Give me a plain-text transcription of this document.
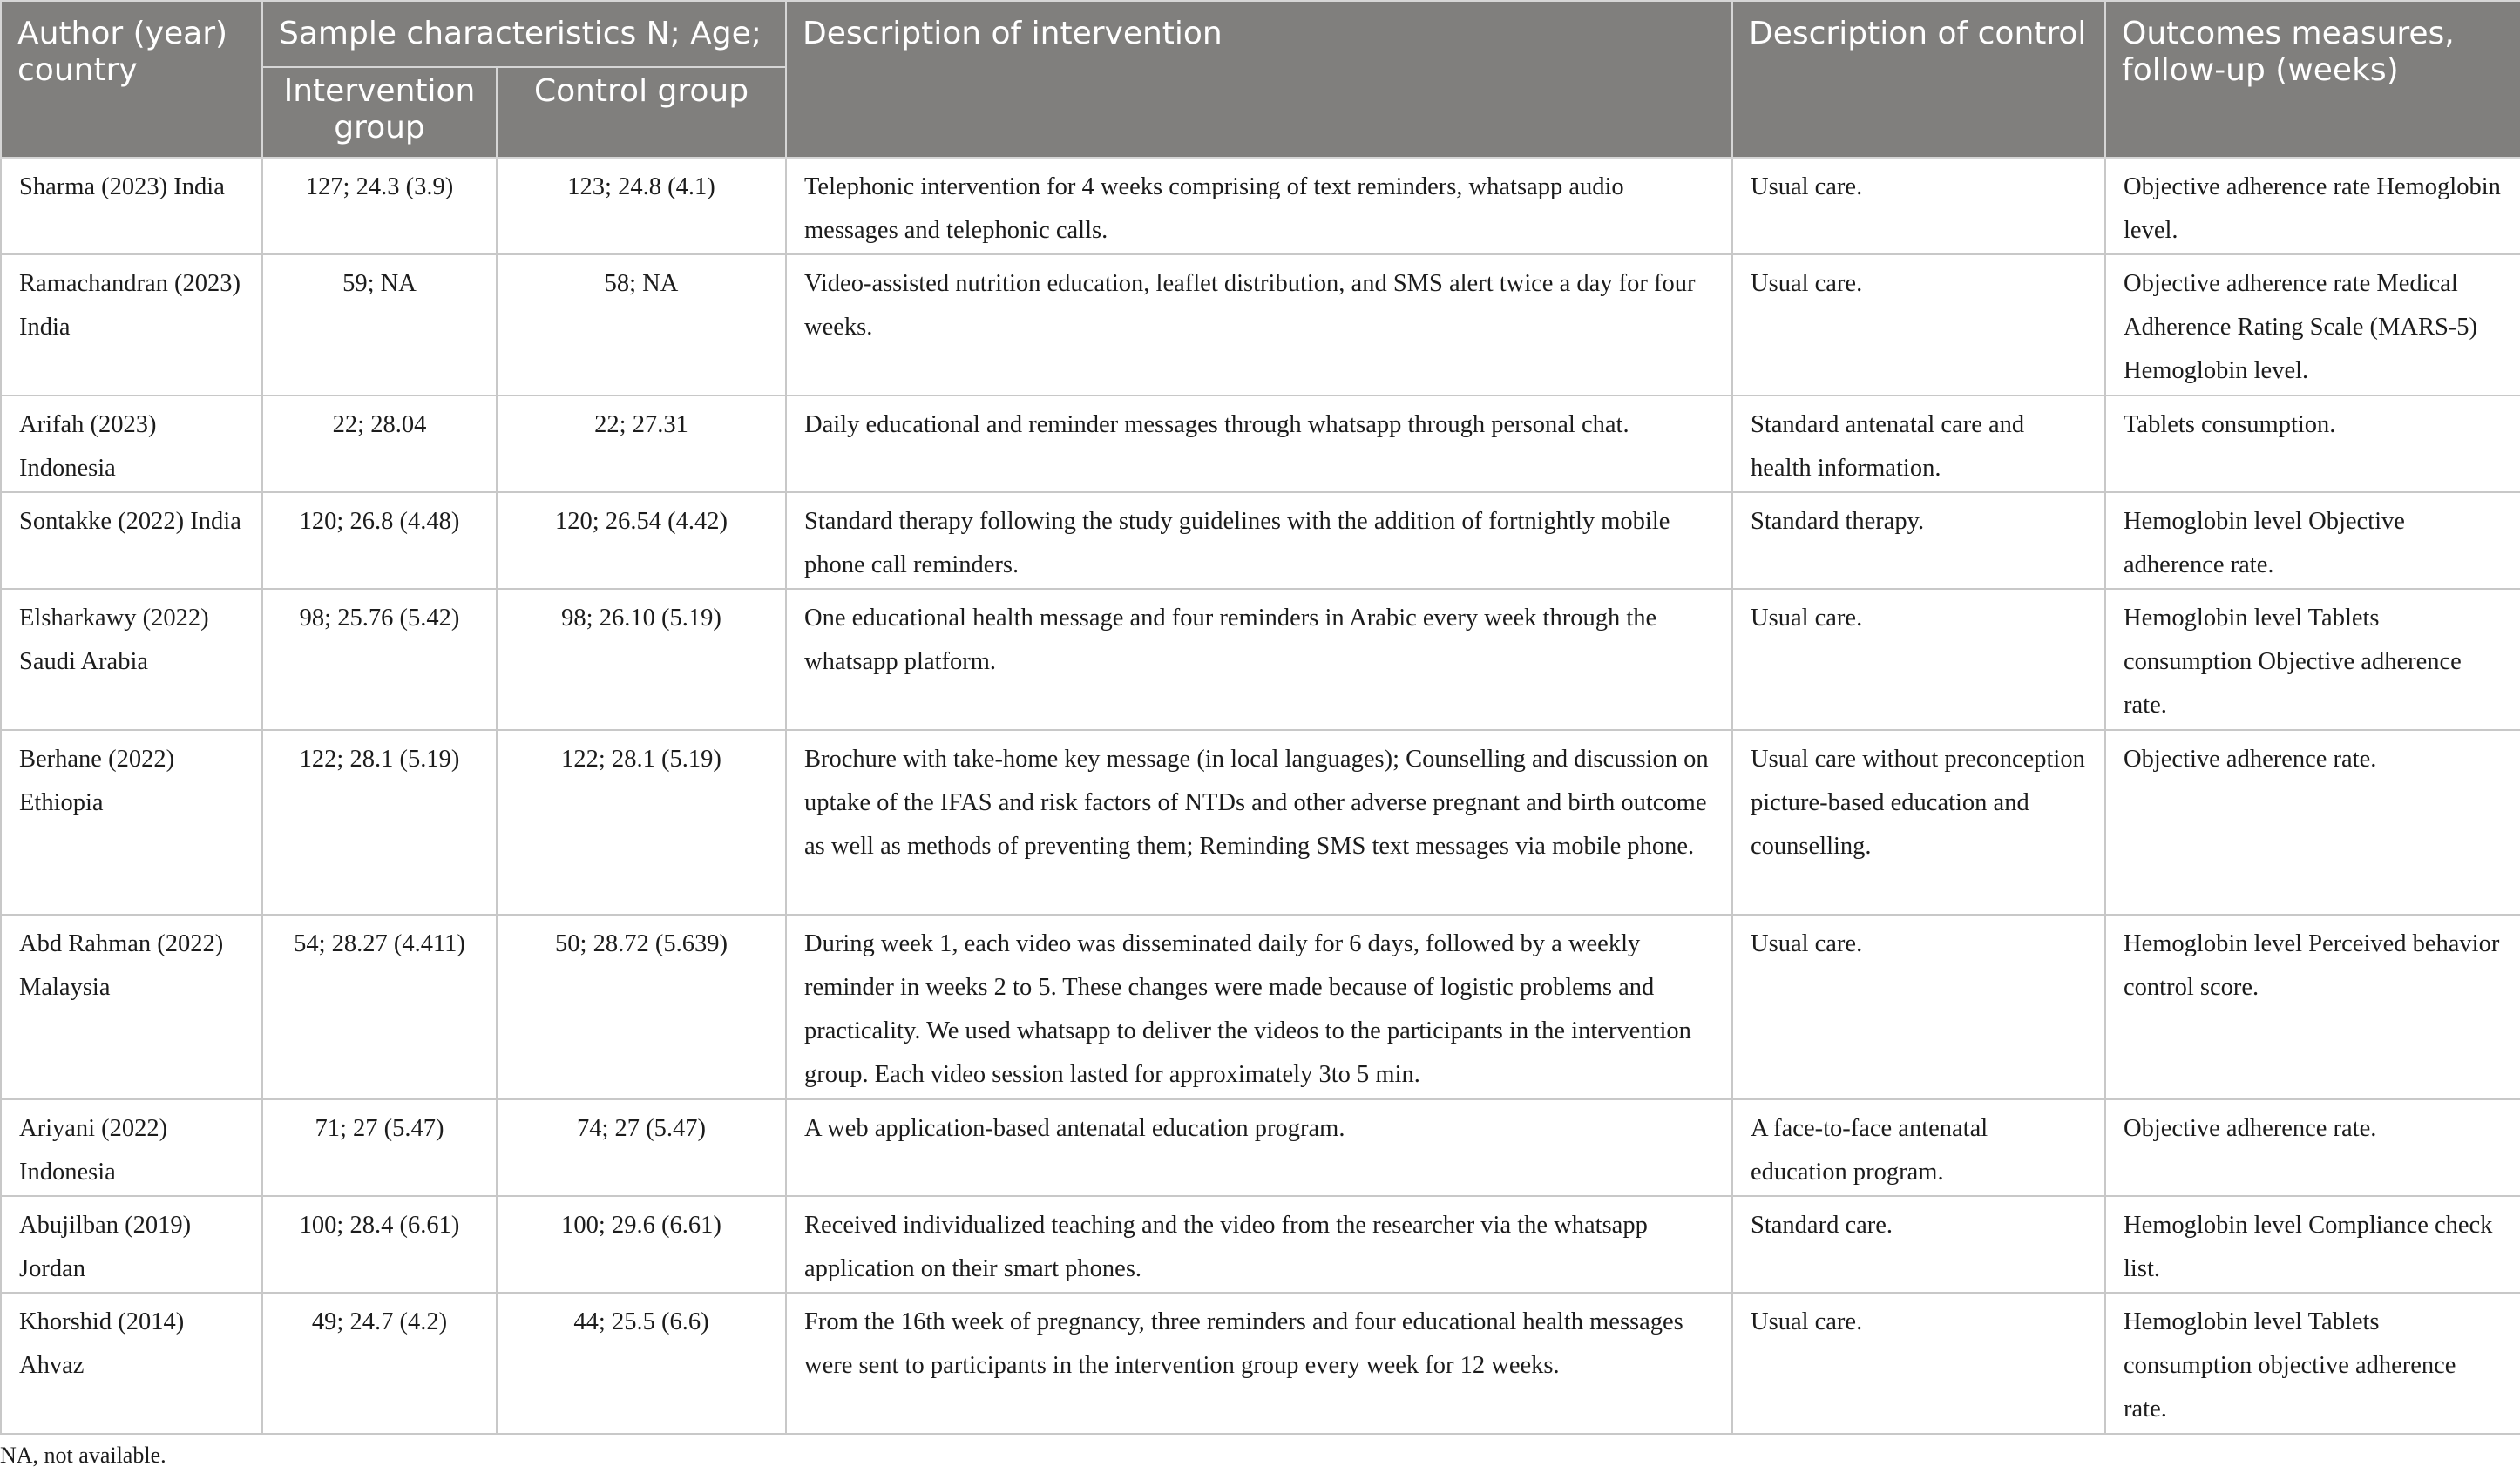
Author (year) country	Sample characteristics N; Age;		Description of intervention	Description of control	Outcomes measures, follow-up (weeks)
	Intervention group	Control group			
Sharma (2023) India	127; 24.3 (3.9)	123; 24.8 (4.1)	Telephonic intervention for 4 weeks comprising of text reminders, whatsapp audio messages and telephonic calls.	Usual care.	Objective adherence rate Hemoglobin level.
Ramachandran (2023) India	59; NA	58; NA	Video-assisted nutrition education, leaflet distribution, and SMS alert twice a day for four weeks.	Usual care.	Objective adherence rate Medical Adherence Rating Scale (MARS-5) Hemoglobin level.
Arifah (2023) Indonesia	22; 28.04	22; 27.31	Daily educational and reminder messages through whatsapp through personal chat.	Standard antenatal care and health information.	Tablets consumption.
Sontakke (2022) India	120; 26.8 (4.48)	120; 26.54 (4.42)	Standard therapy following the study guidelines with the addition of fortnightly mobile phone call reminders.	Standard therapy.	Hemoglobin level Objective adherence rate.
Elsharkawy (2022) Saudi Arabia	98; 25.76 (5.42)	98; 26.10 (5.19)	One educational health message and four reminders in Arabic every week through the whatsapp platform.	Usual care.	Hemoglobin level Tablets consumption Objective adherence rate.
Berhane (2022) Ethiopia	122; 28.1 (5.19)	122; 28.1 (5.19)	Brochure with take-home key message (in local languages); Counselling and discussion on uptake of the IFAS and risk factors of NTDs and other adverse pregnant and birth outcome as well as methods of preventing them; Reminding SMS text messages via mobile phone.	Usual care without preconception picture-based education and counselling.	Objective adherence rate.
Abd Rahman (2022) Malaysia	54; 28.27 (4.411)	50; 28.72 (5.639)	During week 1, each video was disseminated daily for 6 days, followed by a weekly reminder in weeks 2 to 5. These changes were made because of logistic problems and practicality. We used whatsapp to deliver the videos to the participants in the intervention group. Each video session lasted for approximately 3to 5 min.	Usual care.	Hemoglobin level Perceived behavior control score.
Ariyani (2022) Indonesia	71; 27 (5.47)	74; 27 (5.47)	A web application-based antenatal education program.	A face-to-face antenatal education program.	Objective adherence rate.
Abujilban (2019) Jordan	100; 28.4 (6.61)	100; 29.6 (6.61)	Received individualized teaching and the video from the researcher via the whatsapp application on their smart phones.	Standard care.	Hemoglobin level Compliance check list.
Khorshid (2014) Ahvaz	49; 24.7 (4.2)	44; 25.5 (6.6)	From the 16th week of pregnancy, three reminders and four educational health messages were sent to participants in the intervention group every week for 12 weeks.	Usual care.	Hemoglobin level Tablets consumption objective adherence rate.
NA, not available.
